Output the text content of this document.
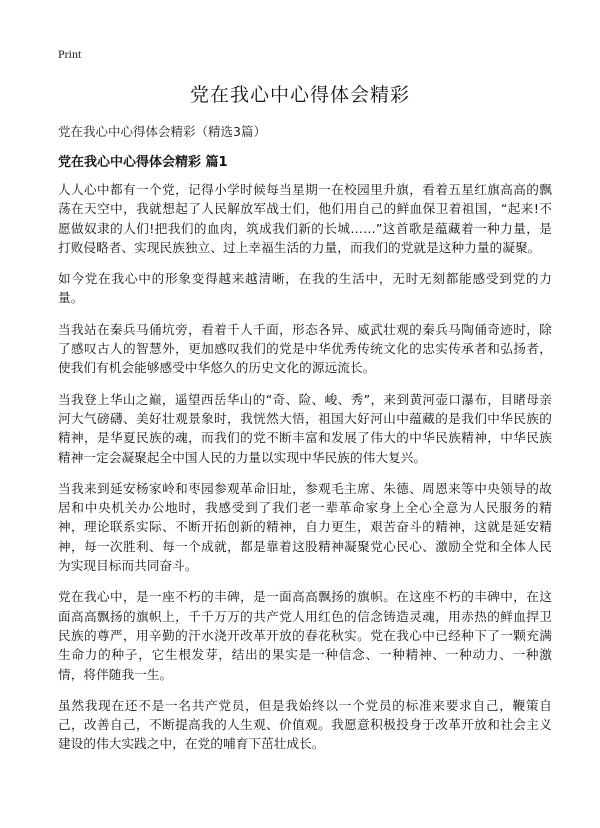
Print
党在我心中心得体会精彩
党在我心中心得体会精彩（精选3篇）
党在我心中心得体会精彩 篇1

人人心中都有一个党，记得小学时候每当星期一在校园里升旗，看着五星红旗高高的飘荡在天空中，我就想起了人民解放军战士们，他们用自己的鲜血保卫着祖国，“起来!不愿做奴隶的人们!把我们的血肉，筑成我们新的长城……”这首歌是蕴藏着一种力量，是打败侵略者、实现民族独立、过上幸福生活的力量，而我们的党就是这种力量的凝聚。

如今党在我心中的形象变得越来越清晰，在我的生活中，无时无刻都能感受到党的力量。

当我站在秦兵马俑坑旁，看着千人千面，形态各异、威武壮观的秦兵马陶俑奇迹时，除了感叹古人的智慧外，更加感叹我们的党是中华优秀传统文化的忠实传承者和弘扬者，使我们有机会能够感受中华悠久的历史文化的源远流长。

当我登上华山之巅，遥望西岳华山的“奇、险、峻、秀”，来到黄河壶口瀑布，目睹母亲河大气磅礴、美好壮观景象时，我恍然大悟，祖国大好河山中蕴藏的是我们中华民族的精神，是华夏民族的魂，而我们的党不断丰富和发展了伟大的中华民族精神，中华民族精神一定会凝聚起全中国人民的力量以实现中华民族的伟大复兴。

当我来到延安杨家岭和枣园参观革命旧址，参观毛主席、朱德、周恩来等中央领导的故居和中央机关办公地时，我感受到了我们老一辈革命家身上全心全意为人民服务的精神，理论联系实际、不断开拓创新的精神，自力更生，艰苦奋斗的精神，这就是延安精神，每一次胜利、每一个成就，都是靠着这股精神凝聚党心民心、激励全党和全体人民为实现目标而共同奋斗。

党在我心中，是一座不朽的丰碑，是一面高高飘扬的旗帜。在这座不朽的丰碑中，在这面高高飘扬的旗帜上，千千万万的共产党人用红色的信念铸造灵魂，用赤热的鲜血捍卫民族的尊严，用辛勤的汗水浇开改革开放的春花秋实。党在我心中已经种下了一颗充满生命力的种子，它生根发芽，结出的果实是一种信念、一种精神、一种动力、一种激情，将伴随我一生。

虽然我现在还不是一名共产党员，但是我始终以一个党员的标准来要求自己，鞭策自己，改善自己，不断提高我的人生观、价值观。我愿意积极投身于改革开放和社会主义建设的伟大实践之中，在党的哺育下茁壮成长。
